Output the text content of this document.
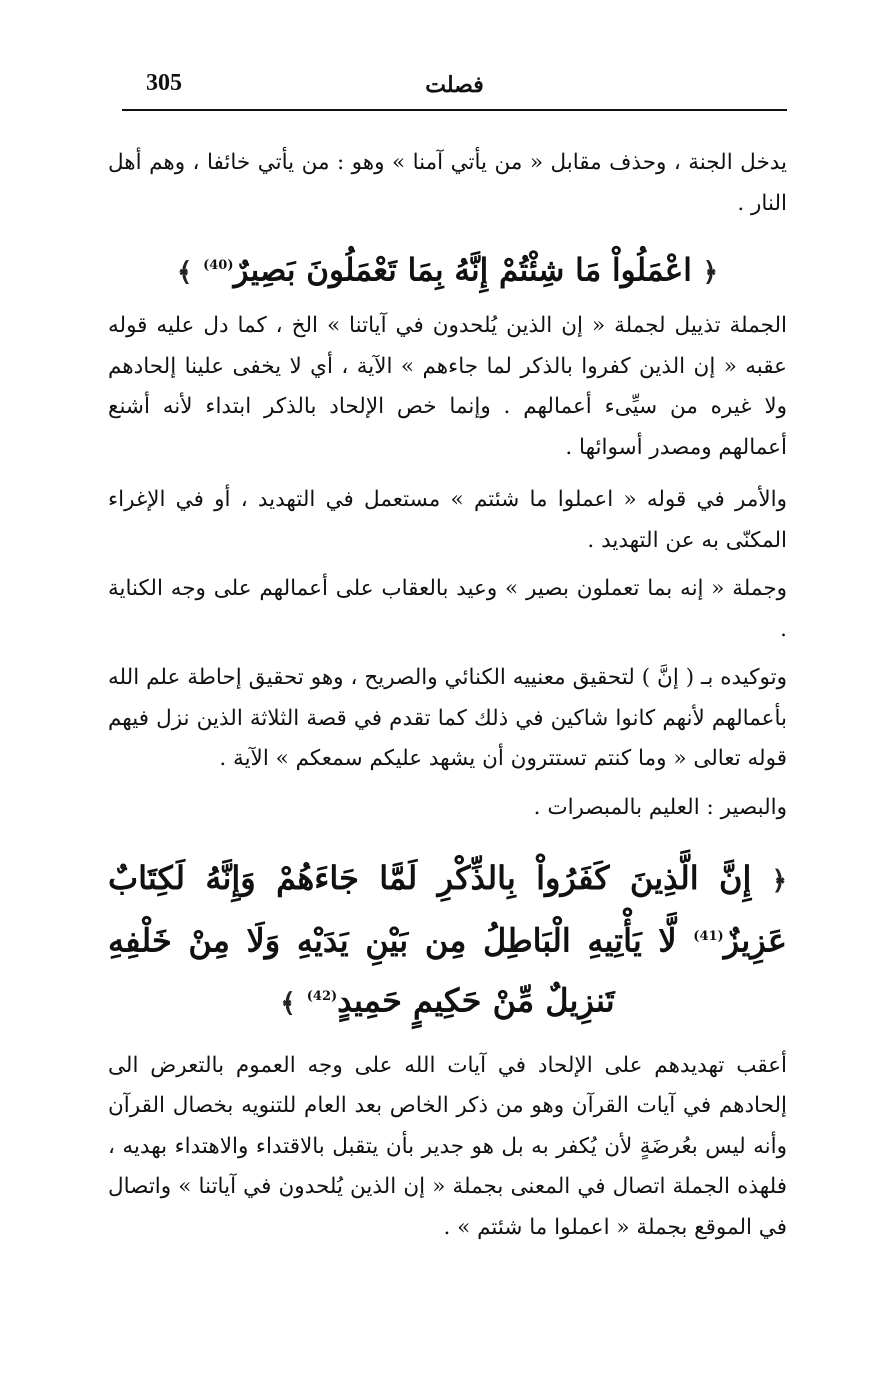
305	فصلت

يدخل الجنة ، وحذف مقابل « من يأتي آمنا » وهو : من يأتي خائفا ، وهم أهل النار .

﴿ اعْمَلُواْ مَا شِئْتُمْ إِنَّهُ بِمَا تَعْمَلُونَ بَصِيرٌ$^{(40)}$ ﴾

الجملة تذييل لجملة « إن الذين يُلحدون في آياتنا » الخ ، كما دل عليه قوله عقبه « إن الذين كفروا بالذكر لما جاءهم » الآية ، أي لا يخفى علينا إلحادهم ولا غيره من سيِّىء أعمالهم . وإنما خص الإلحاد بالذكر ابتداء لأنه أشنع أعمالهم ومصدر أسوائها .

والأمر في قوله « اعملوا ما شئتم » مستعمل في التهديد ، أو في الإغراء المكنّى به عن التهديد .

وجملة « إنه بما تعملون بصير » وعيد بالعقاب على أعمالهم على وجه الكناية .

وتوكيده بـ ( إنَّ ) لتحقيق معنييه الكنائي والصريح ، وهو تحقيق إحاطة علم الله بأعمالهم لأنهم كانوا شاكين في ذلك كما تقدم في قصة الثلاثة الذين نزل فيهم قوله تعالى « وما كنتم تستترون أن يشهد عليكم سمعكم » الآية .

والبصير : العليم بالمبصرات .

﴿ إِنَّ الَّذِينَ كَفَرُواْ بِالذِّكْرِ لَمَّا جَاءَهُمْ وَإِنَّهُ لَكِتَابٌ عَزِيزٌ$^{(41)}$ لَّا يَأْتِيهِ الْبَاطِلُ مِن بَيْنِ يَدَيْهِ وَلَا مِنْ خَلْفِهِ تَنزِيلٌ مِّنْ حَكِيمٍ حَمِيدٍ$^{(42)}$ ﴾

أعقب تهديدهم على الإلحاد في آيات الله على وجه العموم بالتعرض الى إلحادهم في آيات القرآن وهو من ذكر الخاص بعد العام للتنويه بخصال القرآن وأنه ليس بعُرضَةٍ لأن يُكفر به بل هو جدير بأن يتقبل بالاقتداء والاهتداء بهديه ، فلهذه الجملة اتصال في المعنى بجملة « إن الذين يُلحدون في آياتنا » واتصال في الموقع بجملة « اعملوا ما شئتم » .
